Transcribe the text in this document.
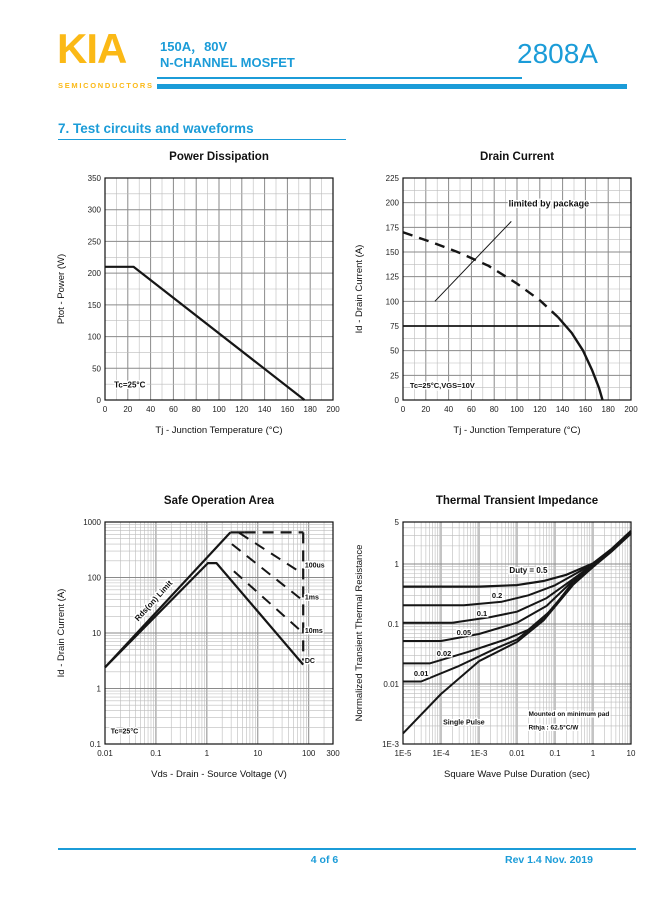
KIA
SEMICONDUCTORS
150A，80V
N-CHANNEL MOSFET	2808A
7. Test circuits and waveforms
0 20 40 60 80 100 120 140 160 180 200
0
50
100
150
200
250
300
350
Tc=25°C
Power Dissipation
Tj - Junction Temperature (°C)
Ptot - Power (W)
0 20 40 60 80 100 120 140 160 180 200
0
25
50
75
100
125
150
175
200
225
limited by package
Tc=25°C,VGS=10V
Drain Current
Tj - Junction Temperature (°C)
Id - Drain Current (A)
0.01	0.1	1	10	100 300
0.1
1
10
100
1000
Rds(on) Limit
100us
1ms
10ms
DC
Tc=25°C
Safe Operation Area
Vds - Drain - Source Voltage (V)
Id - Drain Current (A)
1E-5	1E-4	1E-3	0.01	0.1	1	10
1E-3
0.01
0.1
1
5
Duty = 0.5
0.2
0.1
0.05
0.02
0.01
Single Pulse
Mounted on minimum pad
Rthja : 62.5°C/W
Thermal Transient Impedance
Square Wave Pulse Duration (sec)
Normalized Transient Thermal Resistance
4 of 6	Rev 1.4 Nov. 2019
